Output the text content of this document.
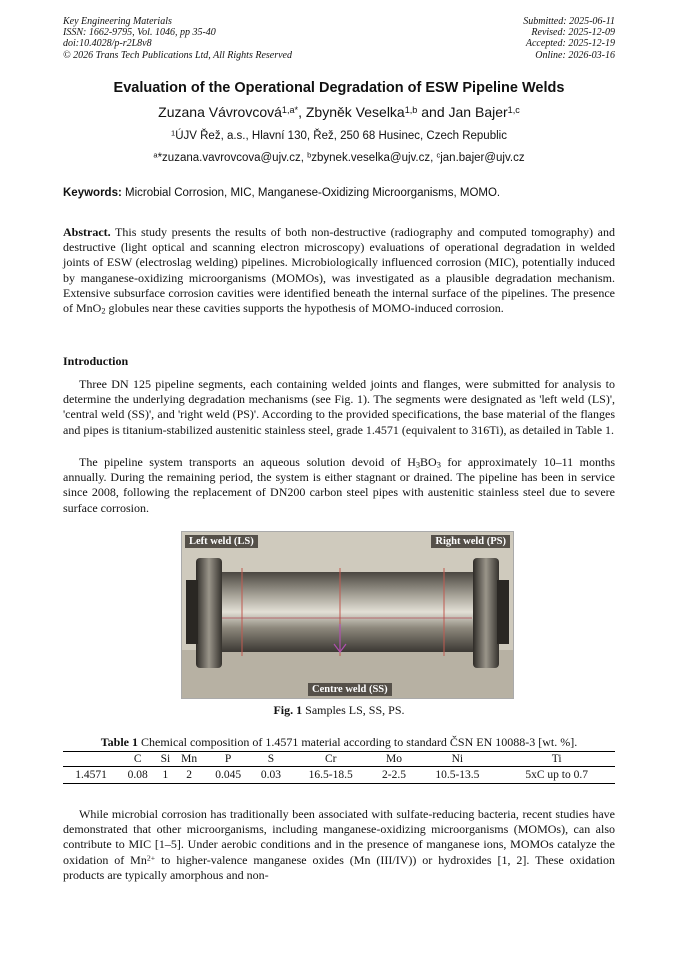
Key Engineering Materials
ISSN: 1662-9795, Vol. 1046, pp 35-40
doi:10.4028/p-r2L8v8
© 2026 Trans Tech Publications Ltd, All Rights Reserved
Submitted: 2025-06-11
Revised: 2025-12-09
Accepted: 2025-12-19
Online: 2026-03-16
Evaluation of the Operational Degradation of ESW Pipeline Welds
Zuzana Vávrovcová$^{1,a*}$, Zbyněk Veselka$^{1,b}$ and Jan Bajer$^{1,c}$
$^1$ÚJV Řež, a.s., Hlavní 130, Řež, 250 68 Husinec, Czech Republic
$^a$*zuzana.vavrovcova@ujv.cz, $^b$zbynek.veselka@ujv.cz, $^c$jan.bajer@ujv.cz
Keywords: Microbial Corrosion, MIC, Manganese-Oxidizing Microorganisms, MOMO.
Abstract. This study presents the results of both non-destructive (radiography and computed tomography) and destructive (light optical and scanning electron microscopy) evaluations of operational degradation in welded joints of ESW (electroslag welding) pipelines. Microbiologically influenced corrosion (MIC), potentially induced by manganese-oxidizing microorganisms (MOMOs), was investigated as a plausible degradation mechanism. Extensive subsurface corrosion cavities were identified beneath the internal surface of the pipelines. The presence of MnO$_2$ globules near these cavities supports the hypothesis of MOMO-induced corrosion.
Introduction
Three DN 125 pipeline segments, each containing welded joints and flanges, were submitted for analysis to determine the underlying degradation mechanisms (see Fig. 1). The segments were designated as 'left weld (LS)', 'central weld (SS)', and 'right weld (PS)'. According to the provided specifications, the base material of the flanges and pipes is titanium-stabilized austenitic stainless steel, grade 1.4571 (equivalent to 316Ti), as detailed in Table 1.
The pipeline system transports an aqueous solution devoid of $H_3BO_3$ for approximately 10–11 months annually. During the remaining period, the system is either stagnant or drained. The pipeline has been in service since 2008, following the replacement of DN200 carbon steel pipes with austenitic stainless steel due to severe surface corrosion.
Left weld (LS)	Right weld (PS)
Centre weld (SS)
Fig. 1 Samples LS, SS, PS.
Table 1 Chemical composition of 1.4571 material according to standard ČSN EN 10088-3 [wt. %].
	C	Si	Mn	P	S	Cr	Mo	Ni	Ti
1.4571	0.08	1	2	0.045	0.03	16.5-18.5	2-2.5	10.5-13.5	5xC up to 0.7
While microbial corrosion has traditionally been associated with sulfate-reducing bacteria, recent studies have demonstrated that other microorganisms, including manganese-oxidizing microorganisms (MOMOs), can also contribute to MIC [1–5]. Under aerobic conditions and in the presence of manganese ions, MOMOs catalyze the oxidation of $Mn^{2+}$ to higher-valence manganese oxides (Mn (III/IV)) or hydroxides [1, 2]. These oxidation products are typically amorphous and non-
